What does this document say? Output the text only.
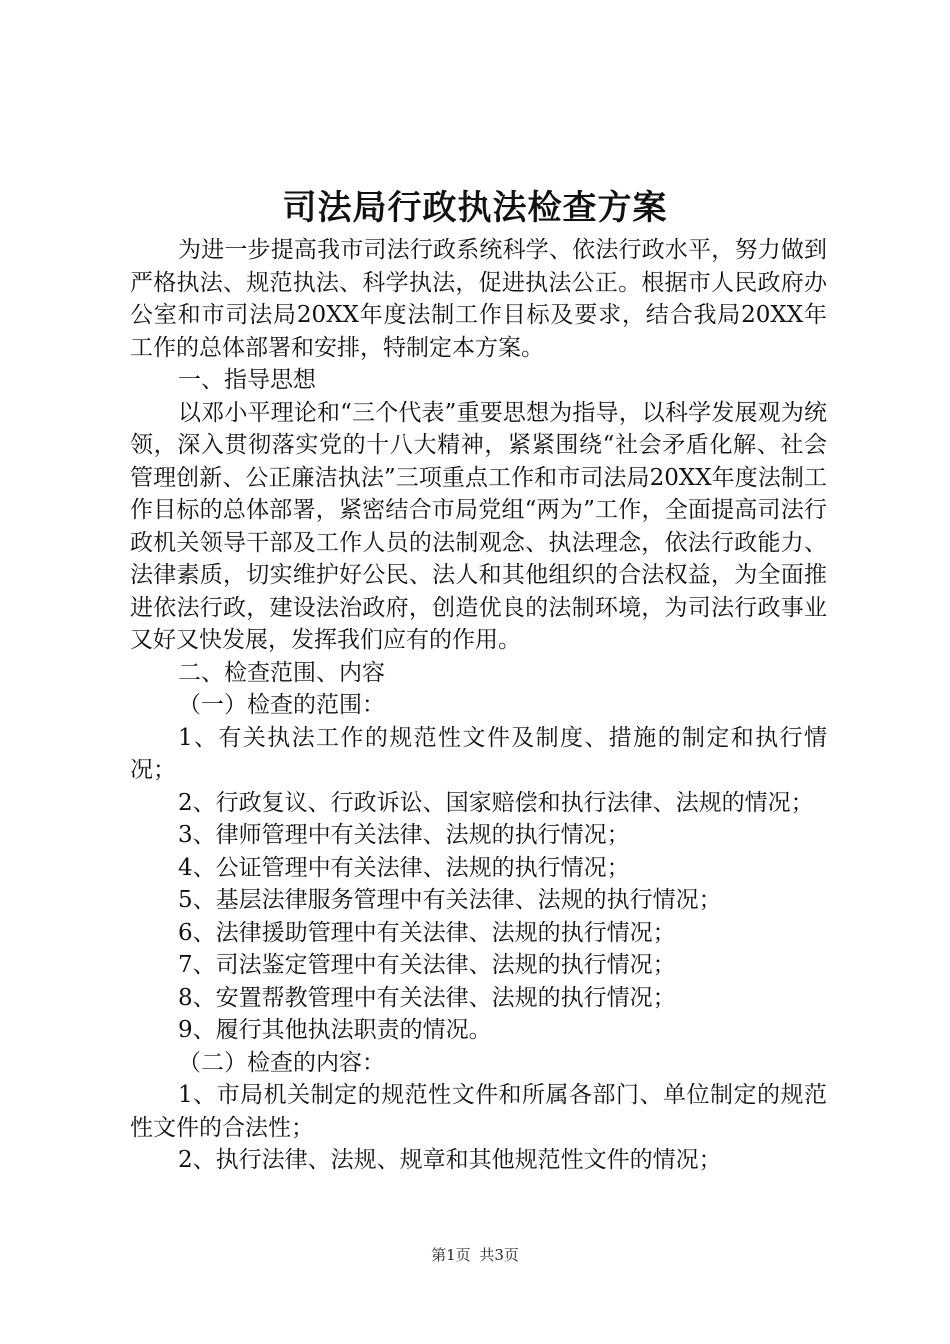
司法局行政执法检查方案

为进一步提高我市司法行政系统科学、依法行政水平，努力做到严格执法、规范执法、科学执法，促进执法公正。根据市人民政府办公室和市司法局20XX年度法制工作目标及要求，结合我局20XX年工作的总体部署和安排，特制定本方案。

一、指导思想

以邓小平理论和“三个代表”重要思想为指导，以科学发展观为统领，深入贯彻落实党的十八大精神，紧紧围绕“社会矛盾化解、社会管理创新、公正廉洁执法”三项重点工作和市司法局20XX年度法制工作目标的总体部署，紧密结合市局党组“两为”工作，全面提高司法行政机关领导干部及工作人员的法制观念、执法理念，依法行政能力、法律素质，切实维护好公民、法人和其他组织的合法权益，为全面推进依法行政，建设法治政府，创造优良的法制环境，为司法行政事业又好又快发展，发挥我们应有的作用。

二、检查范围、内容

（一）检查的范围：

1、有关执法工作的规范性文件及制度、措施的制定和执行情况；

2、行政复议、行政诉讼、国家赔偿和执行法律、法规的情况；

3、律师管理中有关法律、法规的执行情况；

4、公证管理中有关法律、法规的执行情况；

5、基层法律服务管理中有关法律、法规的执行情况；

6、法律援助管理中有关法律、法规的执行情况；

7、司法鉴定管理中有关法律、法规的执行情况；

8、安置帮教管理中有关法律、法规的执行情况；

9、履行其他执法职责的情况。

（二）检查的内容：

1、市局机关制定的规范性文件和所属各部门、单位制定的规范性文件的合法性；

2、执行法律、法规、规章和其他规范性文件的情况；

第1页 共3页
